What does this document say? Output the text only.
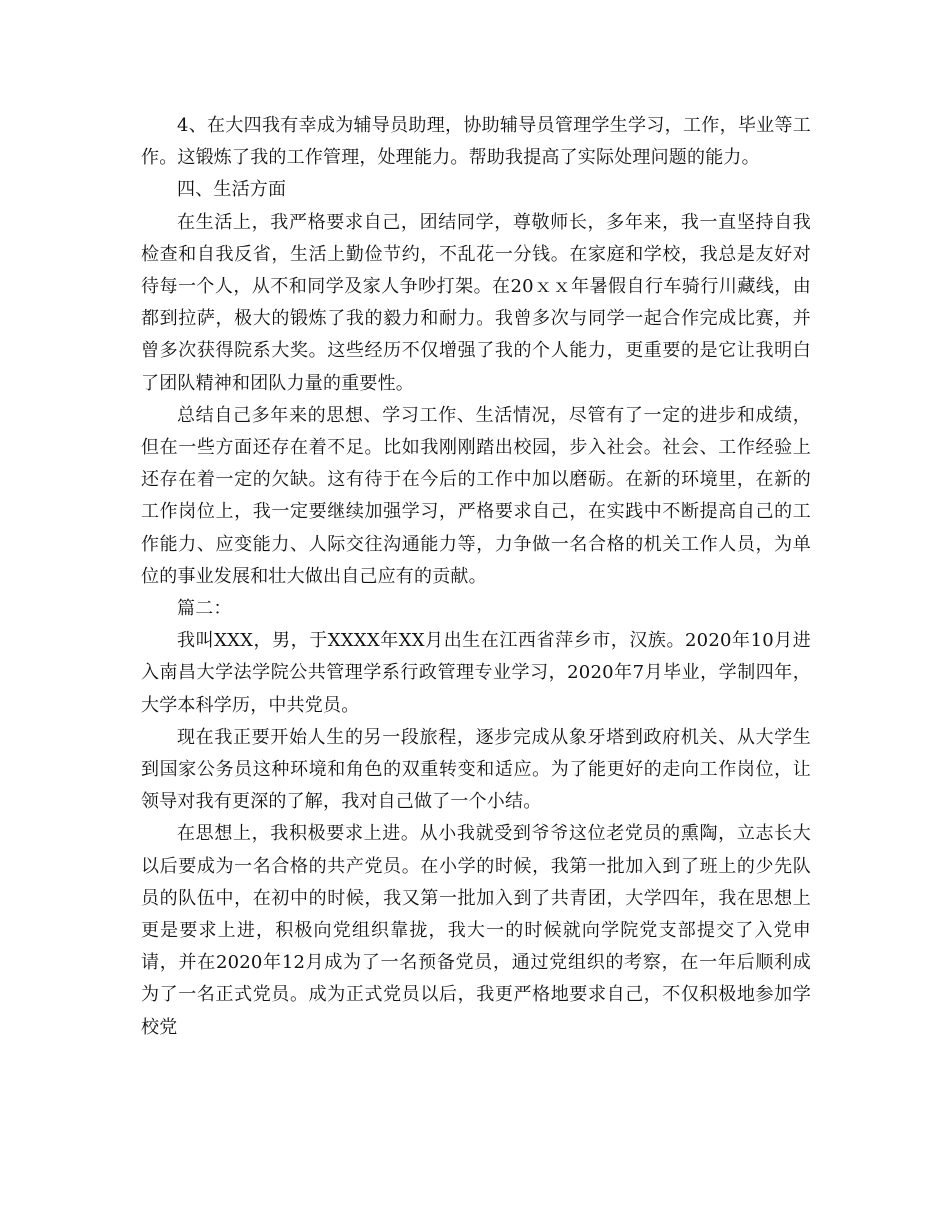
4、在大四我有幸成为辅导员助理，协助辅导员管理学生学习，工作，毕业等工作。这锻炼了我的工作管理，处理能力。帮助我提高了实际处理问题的能力。

四、生活方面

在生活上，我严格要求自己，团结同学，尊敬师长，多年来，我一直坚持自我检查和自我反省，生活上勤俭节约，不乱花一分钱。在家庭和学校，我总是友好对待每一个人，从不和同学及家人争吵打架。在20ｘｘ年暑假自行车骑行川藏线，由都到拉萨，极大的锻炼了我的毅力和耐力。我曾多次与同学一起合作完成比赛，并曾多次获得院系大奖。这些经历不仅增强了我的个人能力，更重要的是它让我明白了团队精神和团队力量的重要性。

总结自己多年来的思想、学习工作、生活情况，尽管有了一定的进步和成绩，但在一些方面还存在着不足。比如我刚刚踏出校园，步入社会。社会、工作经验上还存在着一定的欠缺。这有待于在今后的工作中加以磨砺。在新的环境里，在新的工作岗位上，我一定要继续加强学习，严格要求自己，在实践中不断提高自己的工作能力、应变能力、人际交往沟通能力等，力争做一名合格的机关工作人员，为单位的事业发展和壮大做出自己应有的贡献。

篇二：

我叫XXX，男，于XXXX年XX月出生在江西省萍乡市，汉族。2020年10月进入南昌大学法学院公共管理学系行政管理专业学习，2020年7月毕业，学制四年，大学本科学历，中共党员。

现在我正要开始人生的另一段旅程，逐步完成从象牙塔到政府机关、从大学生到国家公务员这种环境和角色的双重转变和适应。为了能更好的走向工作岗位，让领导对我有更深的了解，我对自己做了一个小结。

在思想上，我积极要求上进。从小我就受到爷爷这位老党员的熏陶，立志长大以后要成为一名合格的共产党员。在小学的时候，我第一批加入到了班上的少先队员的队伍中，在初中的时候，我又第一批加入到了共青团，大学四年，我在思想上更是要求上进，积极向党组织靠拢，我大一的时候就向学院党支部提交了入党申请，并在2020年12月成为了一名预备党员，通过党组织的考察，在一年后顺利成为了一名正式党员。成为正式党员以后，我更严格地要求自己，不仅积极地参加学校党
